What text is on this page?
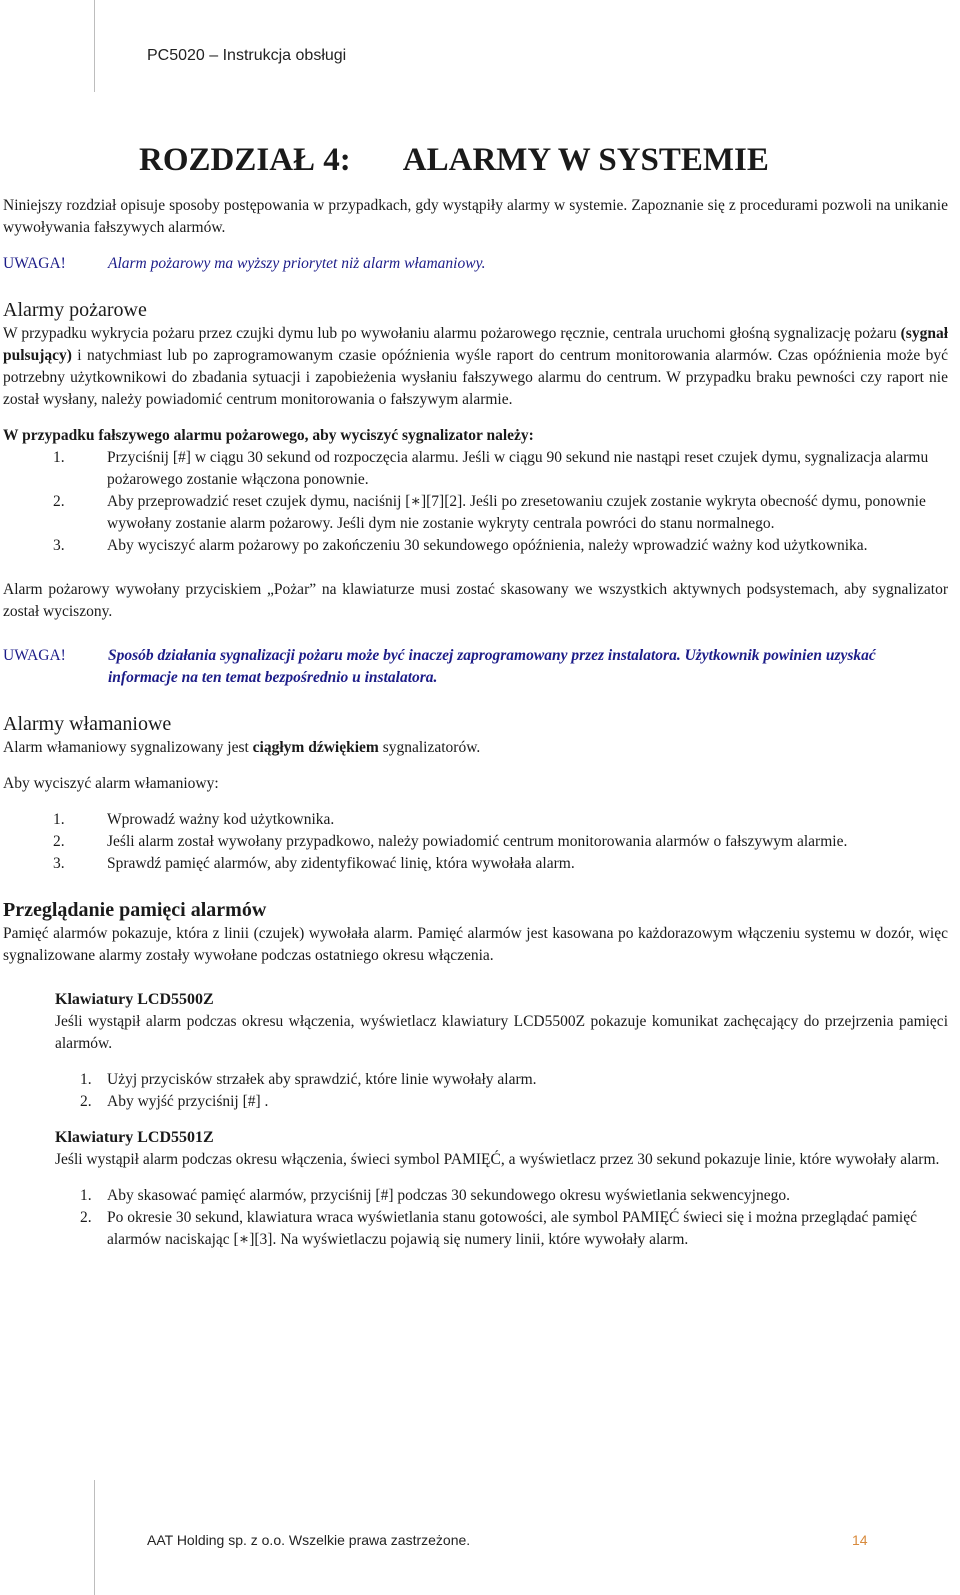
PC5020 – Instrukcja obsługi
ROZDZIAŁ 4: ALARMY W SYSTEMIE

Niniejszy rozdział opisuje sposoby postępowania w przypadkach, gdy wystąpiły alarmy w systemie. Zapoznanie się z procedurami pozwoli na unikanie wywoływania fałszywych alarmów.

UWAGA!	Alarm pożarowy ma wyższy priorytet niż alarm włamaniowy.
Alarmy pożarowe

W przypadku wykrycia pożaru przez czujki dymu lub po wywołaniu alarmu pożarowego ręcznie, centrala uruchomi głośną sygnalizację pożaru (sygnał pulsujący) i natychmiast lub po zaprogramowanym czasie opóźnienia wyśle raport do centrum monitorowania alarmów. Czas opóźnienia może być potrzebny użytkownikowi do zbadania sytuacji i zapobieżenia wysłaniu fałszywego alarmu do centrum. W przypadku braku pewności czy raport nie został wysłany, należy powiadomić centrum monitorowania o fałszywym alarmie.

W przypadku fałszywego alarmu pożarowego, aby wyciszyć sygnalizator należy:

1.	Przyciśnij [#] w ciągu 30 sekund od rozpoczęcia alarmu. Jeśli w ciągu 90 sekund nie nastąpi reset czujek dymu, sygnalizacja alarmu pożarowego zostanie włączona ponownie.
2.	Aby przeprowadzić reset czujek dymu, naciśnij [∗][7][2]. Jeśli po zresetowaniu czujek zostanie wykryta obecność dymu, ponownie wywołany zostanie alarm pożarowy. Jeśli dym nie zostanie wykryty centrala powróci do stanu normalnego.
3.	Aby wyciszyć alarm pożarowy po zakończeniu 30 sekundowego opóźnienia, należy wprowadzić ważny kod użytkownika.

Alarm pożarowy wywołany przyciskiem „Pożar” na klawiaturze musi zostać skasowany we wszystkich aktywnych podsystemach, aby sygnalizator został wyciszony.

UWAGA!	Sposób działania sygnalizacji pożaru może być inaczej zaprogramowany przez instalatora. Użytkownik powinien uzyskać informacje na ten temat bezpośrednio u instalatora.
Alarmy włamaniowe

Alarm włamaniowy sygnalizowany jest ciągłym dźwiękiem sygnalizatorów.

Aby wyciszyć alarm włamaniowy:

1.	Wprowadź ważny kod użytkownika.
2.	Jeśli alarm został wywołany przypadkowo, należy powiadomić centrum monitorowania alarmów o fałszywym alarmie.
3.	Sprawdź pamięć alarmów, aby zidentyfikować linię, która wywołała alarm.
Przeglądanie pamięci alarmów

Pamięć alarmów pokazuje, która z linii (czujek) wywołała alarm. Pamięć alarmów jest kasowana po każdorazowym włączeniu systemu w dozór, więc sygnalizowane alarmy zostały wywołane podczas ostatniego okresu włączenia.

Klawiatury LCD5500Z

Jeśli wystąpił alarm podczas okresu włączenia, wyświetlacz klawiatury LCD5500Z pokazuje komunikat zachęcający do przejrzenia pamięci alarmów.

1. Użyj przycisków strzałek aby sprawdzić, które linie wywołały alarm.
2. Aby wyjść przyciśnij [#] .
Klawiatury LCD5501Z

Jeśli wystąpił alarm podczas okresu włączenia, świeci symbol PAMIĘĆ, a wyświetlacz przez 30 sekund pokazuje linie, które wywołały alarm.

1. Aby skasować pamięć alarmów, przyciśnij [#] podczas 30 sekundowego okresu wyświetlania sekwencyjnego.
2. Po okresie 30 sekund, klawiatura wraca wyświetlania stanu gotowości, ale symbol PAMIĘĆ świeci się i można przeglądać pamięć alarmów naciskając [∗][3]. Na wyświetlaczu pojawią się numery linii, które wywołały alarm.
AAT Holding sp. z o.o. Wszelkie prawa zastrzeżone.	14
